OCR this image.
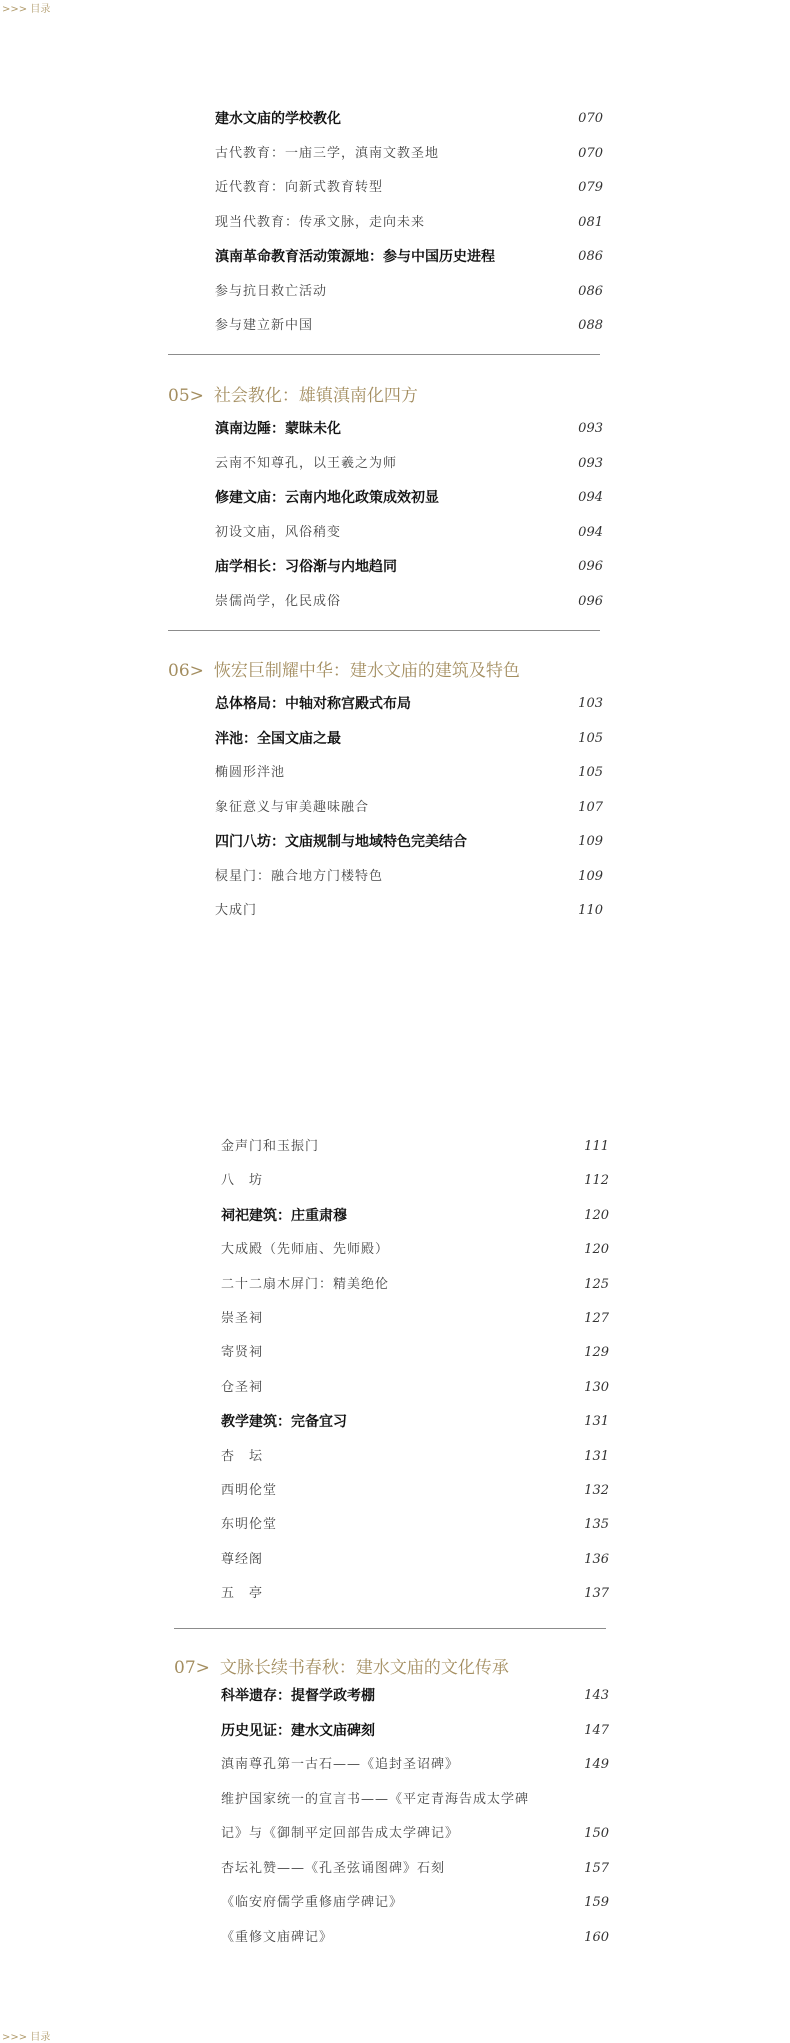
>>> 目录
建水文庙的学校教化	070
古代教育：一庙三学，滇南文教圣地	070
近代教育：向新式教育转型	079
现当代教育：传承文脉，走向未来	081
滇南革命教育活动策源地：参与中国历史进程	086
参与抗日救亡活动	086
参与建立新中国	088
05> 社会教化：雄镇滇南化四方
滇南边陲：蒙昧未化	093
云南不知尊孔，以王羲之为师	093
修建文庙：云南内地化政策成效初显	094
初设文庙，风俗稍变	094
庙学相长：习俗渐与内地趋同	096
崇儒尚学，化民成俗	096
06> 恢宏巨制耀中华：建水文庙的建筑及特色
总体格局：中轴对称宫殿式布局	103
泮池：全国文庙之最	105
椭圆形泮池	105
象征意义与审美趣味融合	107
四门八坊：文庙规制与地域特色完美结合	109
棂星门：融合地方门楼特色	109
大成门	110
金声门和玉振门	111
八　坊	112
祠祀建筑：庄重肃穆	120
大成殿（先师庙、先师殿）	120
二十二扇木屏门：精美绝伦	125
崇圣祠	127
寄贤祠	129
仓圣祠	130
教学建筑：完备宜习	131
杏　坛	131
西明伦堂	132
东明伦堂	135
尊经阁	136
五　亭	137
07> 文脉长续书春秋：建水文庙的文化传承
科举遗存：提督学政考棚	143
历史见证：建水文庙碑刻	147
滇南尊孔第一古石——《追封圣诏碑》	149
维护国家统一的宣言书——《平定青海告成太学碑
记》与《御制平定回部告成太学碑记》	150
杏坛礼赞——《孔圣弦诵图碑》石刻	157
《临安府儒学重修庙学碑记》	159
《重修文庙碑记》	160
>>> 目录
